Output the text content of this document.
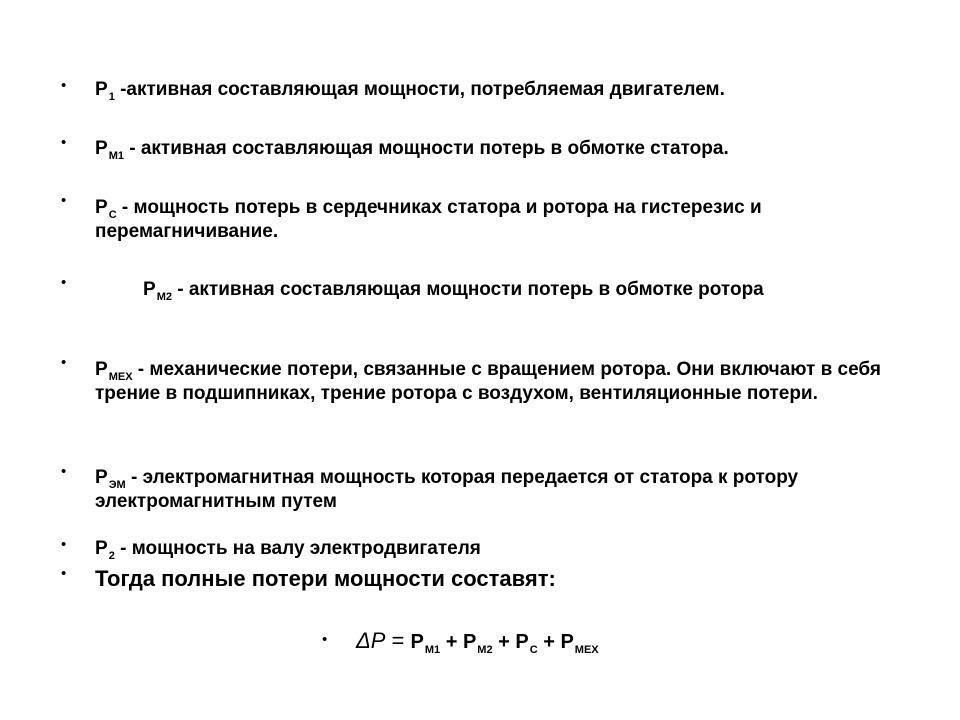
• $P_1$ -активная составляющая мощности, потребляемая двигателем.
• $P_{М1}$ - активная составляющая мощности потерь в обмотке статора.
• $P_С$ - мощность потерь в сердечниках статора и ротора на гистерезис и перемагничивание.
•	$P_{М2}$ - активная составляющая мощности потерь в обмотке ротора
• $P_{МЕХ}$ - механические потери, связанные с вращением ротора. Они включают в себя трение в подшипниках, трение ротора с воздухом, вентиляционные потери.
• $P_{ЭМ}$ - электромагнитная мощность которая передается от статора к ротору электромагнитным путем
• $P_2$ - мощность на валу электродвигателя
• Тогда полные потери мощности составят:
• $\Delta P = P_{М1} + P_{М2} + P_С + P_{МЕХ}$
